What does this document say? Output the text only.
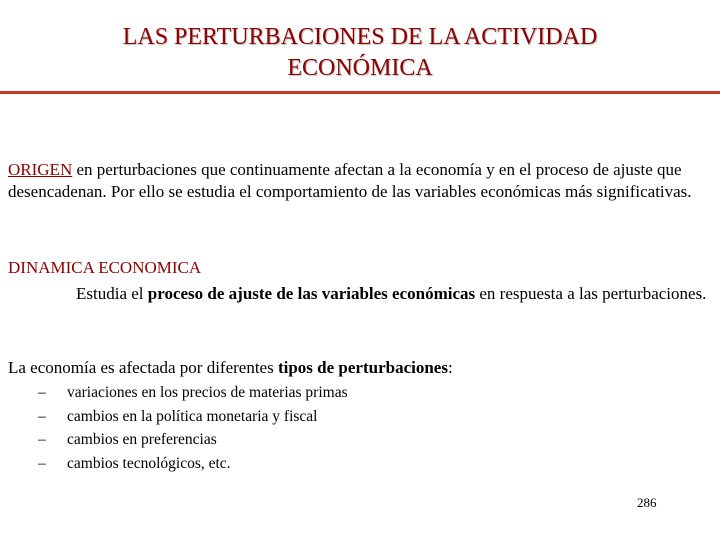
LAS PERTURBACIONES DE LA ACTIVIDAD
ECONÓMICA
ORIGEN en perturbaciones que continuamente afectan a la economía y en el proceso de ajuste que desencadenan. Por ello se estudia el comportamiento de las variables económicas más significativas.
DINAMICA ECONOMICA
Estudia el proceso de ajuste de las variables económicas en respuesta a las perturbaciones.
La economía es afectada por diferentes tipos de perturbaciones:
–	variaciones en los precios de materias primas
–	cambios en la política monetaria y fiscal
–	cambios en preferencias
–	cambios tecnológicos, etc.
286
